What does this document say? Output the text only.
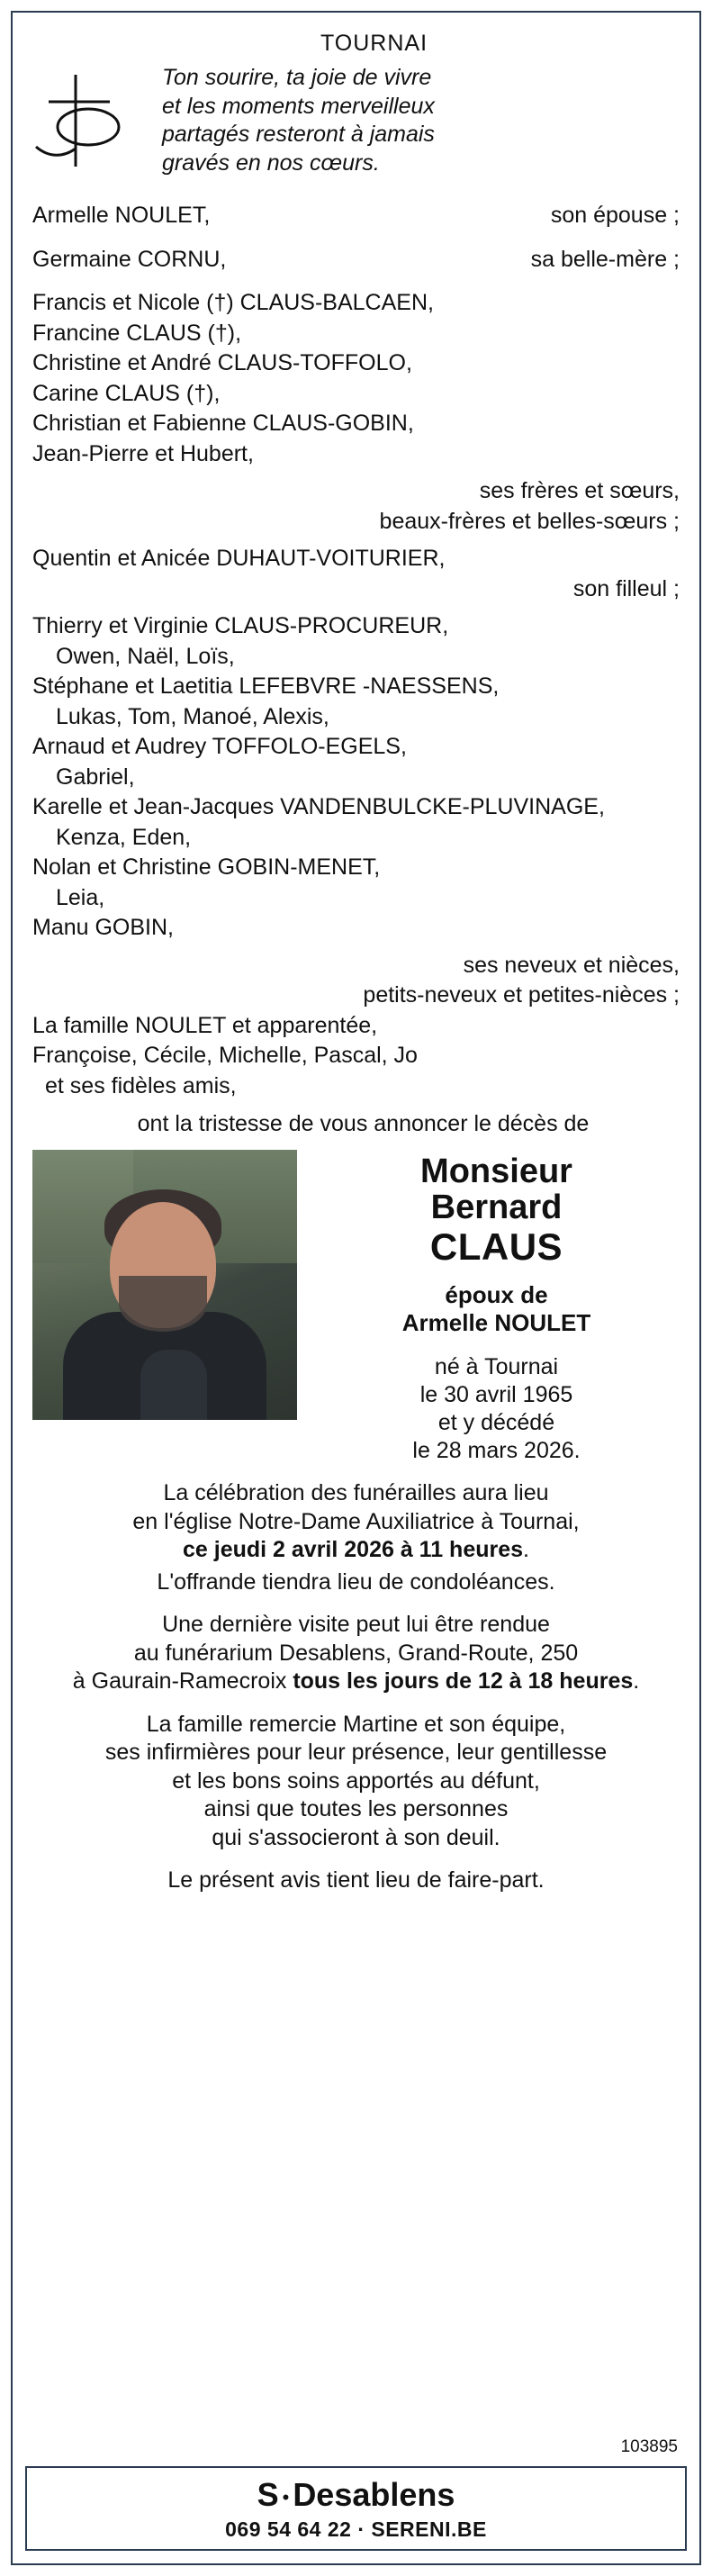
TOURNAI
Ton sourire, ta joie de vivre
et les moments merveilleux
partagés resteront à jamais
gravés en nos cœurs.
Armelle NOULET,	son épouse ;
Germaine CORNU,	sa belle-mère ;
Francis et Nicole (†) CLAUS-BALCAEN,
Francine CLAUS (†),
Christine et André CLAUS-TOFFOLO,
Carine CLAUS (†),
Christian et Fabienne CLAUS-GOBIN,
Jean-Pierre et Hubert,
ses frères et sœurs,
beaux-frères et belles-sœurs ;
Quentin et Anicée DUHAUT-VOITURIER,
son filleul ;
Thierry et Virginie CLAUS-PROCUREUR,
Owen, Naël, Loïs,
Stéphane et Laetitia LEFEBVRE -NAESSENS,
Lukas, Tom, Manoé, Alexis,
Arnaud et Audrey TOFFOLO-EGELS,
Gabriel,
Karelle et Jean-Jacques VANDENBULCKE-PLUVINAGE,
Kenza, Eden,
Nolan et Christine GOBIN-MENET,
Leia,
Manu GOBIN,
ses neveux et nièces,
petits-neveux et petites-nièces ;
La famille NOULET et apparentée,
Françoise, Cécile, Michelle, Pascal, Jo
et ses fidèles amis,
ont la tristesse de vous annoncer le décès de
Monsieur
Bernard
CLAUS
époux de
Armelle NOULET
né à Tournai
le 30 avril 1965
et y décédé
le 28 mars 2026.
La célébration des funérailles aura lieu
en l'église Notre-Dame Auxiliatrice à Tournai,
ce jeudi 2 avril 2026 à 11 heures.
L'offrande tiendra lieu de condoléances.
Une dernière visite peut lui être rendue
au funérarium Desablens, Grand-Route, 250
à Gaurain-Ramecroix tous les jours de 12 à 18 heures.
La famille remercie Martine et son équipe,
ses infirmières pour leur présence, leur gentillesse
et les bons soins apportés au défunt,
ainsi que toutes les personnes
qui s'associeront à son deuil.
Le présent avis tient lieu de faire-part.
103895
S • Desablens
069 54 64 22 · SERENI.BE
